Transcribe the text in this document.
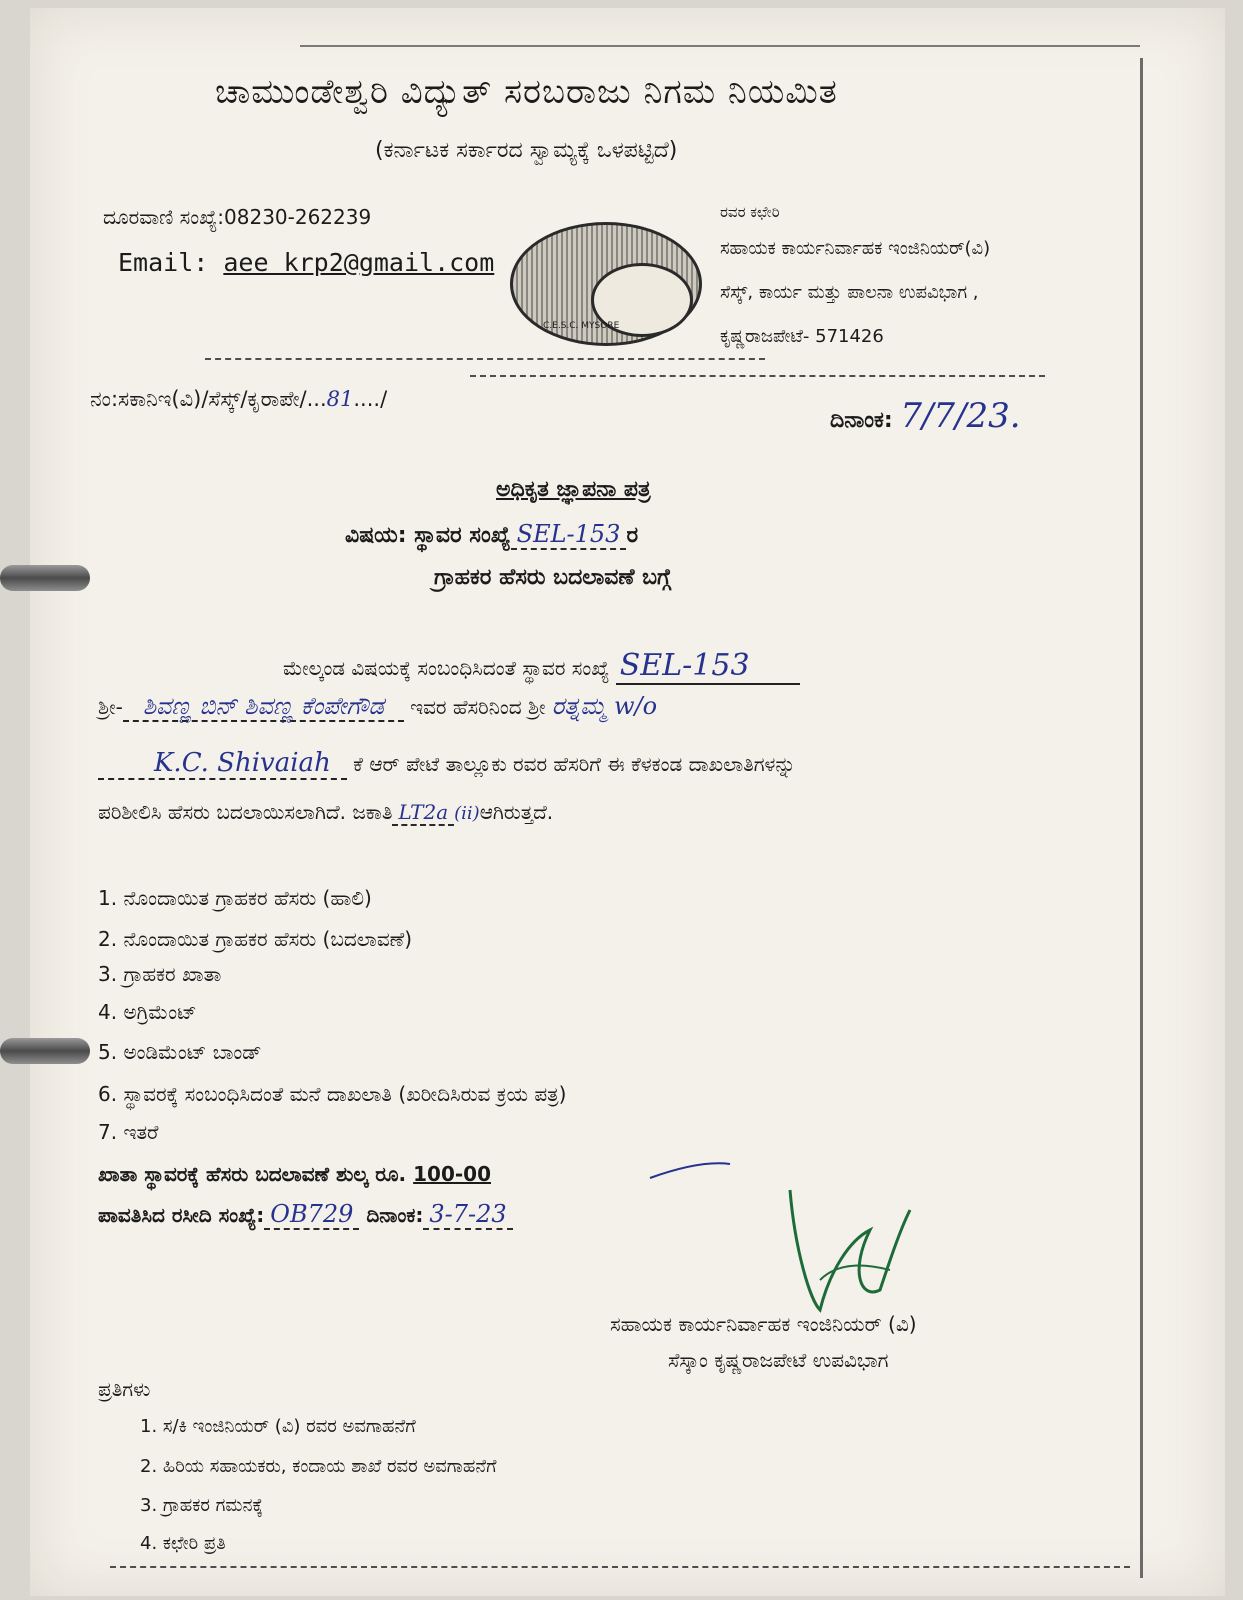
ಚಾಮುಂಡೇಶ್ವರಿ ವಿದ್ಯುತ್ ಸರಬರಾಜು ನಿಗಮ ನಿಯಮಿತ
(ಕರ್ನಾಟಕ ಸರ್ಕಾರದ ಸ್ವಾಮ್ಯಕ್ಕೆ ಒಳಪಟ್ಟಿದೆ)
ದೂರವಾಣಿ ಸಂಖ್ಯೆ:08230-262239
Email: aee krp2@gmail.com
C.E.S.C. MYSORE
ರವರ ಕಛೇರಿ
ಸಹಾಯಕ ಕಾರ್ಯನಿರ್ವಾಹಕ ಇಂಜಿನಿಯರ್(ವಿ)
ಸೆಸ್ಕ್, ಕಾರ್ಯ ಮತ್ತು ಪಾಲನಾ ಉಪವಿಭಾಗ ,
ಕೃಷ್ಣರಾಜಪೇಟೆ- 571426
ನಂ:ಸಕಾನಿಇ(ವಿ)/ಸೆಸ್ಕ್/ಕೃರಾಪೇ/...81..../
ದಿನಾಂಕ: 7/7/23.
ಅಧಿಕೃತ ಜ್ಞಾಪನಾ ಪತ್ರ
ವಿಷಯ: ಸ್ಥಾವರ ಸಂಖ್ಯೆ SEL-153 ರ
ಗ್ರಾಹಕರ ಹೆಸರು ಬದಲಾವಣೆ ಬಗ್ಗೆ
ಮೇಲ್ಕಂಡ ವಿಷಯಕ್ಕೆ ಸಂಬಂಧಿಸಿದಂತೆ ಸ್ಥಾವರ ಸಂಖ್ಯೆ SEL-153
ಶ್ರೀ- ಶಿವಣ್ಣ ಬಿನ್ ಶಿವಣ್ಣ ಕೆಂಪೇಗೌಡ ಇವರ ಹೆಸರಿನಿಂದ ಶ್ರೀ ರತ್ನಮ್ಮ w/o
K.C. Shivaiah ಕೆ ಆರ್ ಪೇಟೆ ತಾಲ್ಲೂಕು ರವರ ಹೆಸರಿಗೆ ಈ ಕೆಳಕಂಡ ದಾಖಲಾತಿಗಳನ್ನು
ಪರಿಶೀಲಿಸಿ ಹೆಸರು ಬದಲಾಯಿಸಲಾಗಿದೆ. ಜಕಾತಿ LT2a (ii)ಆಗಿರುತ್ತದೆ.
1. ನೊಂದಾಯಿತ ಗ್ರಾಹಕರ ಹೆಸರು (ಹಾಲಿ)
2. ನೊಂದಾಯಿತ ಗ್ರಾಹಕರ ಹೆಸರು (ಬದಲಾವಣೆ)
3. ಗ್ರಾಹಕರ ಖಾತಾ
4. ಅಗ್ರಿಮೆಂಟ್
5. ಅಂಡಿಮೆಂಟ್ ಬಾಂಡ್
6. ಸ್ಥಾವರಕ್ಕೆ ಸಂಬಂಧಿಸಿದಂತೆ ಮನೆ ದಾಖಲಾತಿ (ಖರೀದಿಸಿರುವ ಕ್ರಯ ಪತ್ರ)
7. ಇತರೆ
ಖಾತಾ ಸ್ಥಾವರಕ್ಕೆ ಹೆಸರು ಬದಲಾವಣೆ ಶುಲ್ಕ ರೂ. 100-00
ಪಾವತಿಸಿದ ರಸೀದಿ ಸಂಖ್ಯೆ: OB729 ದಿನಾಂಕ: 3-7-23
ಸಹಾಯಕ ಕಾರ್ಯನಿರ್ವಾಹಕ ಇಂಜಿನಿಯರ್ (ವಿ)
ಸೆಸ್ಕಾಂ ಕೃಷ್ಣರಾಜಪೇಟೆ ಉಪವಿಭಾಗ
ಪ್ರತಿಗಳು
1. ಸ/ಕಿ ಇಂಜಿನಿಯರ್ (ವಿ) ರವರ ಅವಗಾಹನೆಗೆ
2. ಹಿರಿಯ ಸಹಾಯಕರು, ಕಂದಾಯ ಶಾಖೆ ರವರ ಅವಗಾಹನೆಗೆ
3. ಗ್ರಾಹಕರ ಗಮನಕ್ಕೆ
4. ಕಛೇರಿ ಪ್ರತಿ
